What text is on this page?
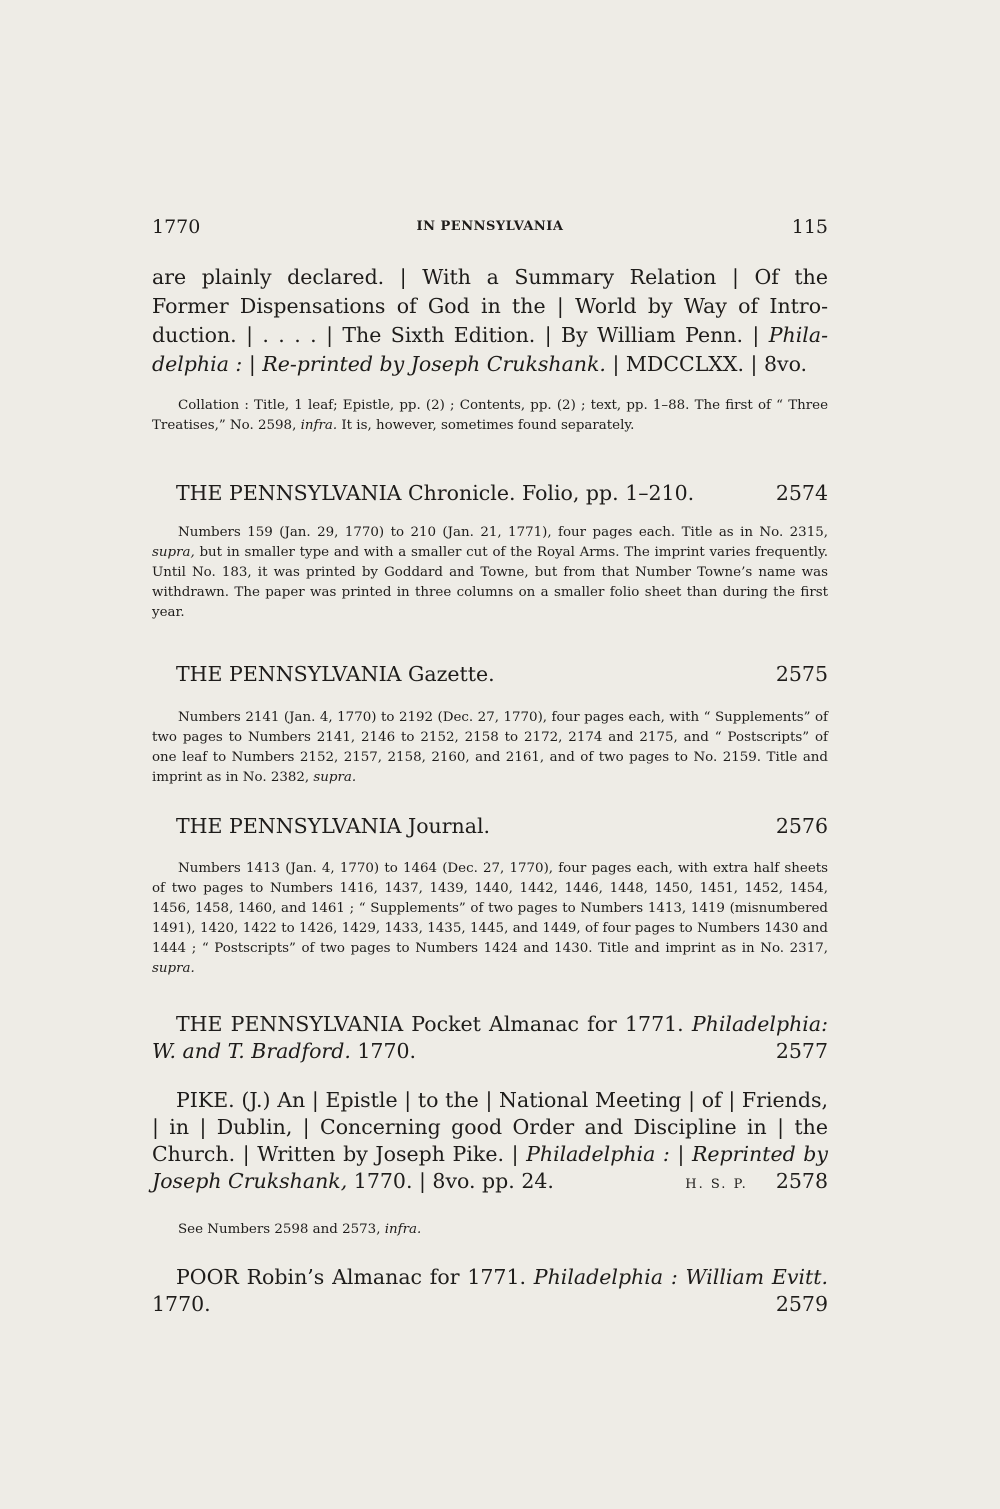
1770	IN PENNSYLVANIA	115
are plainly declared. | With a Summary Relation | Of the
Former Dispensations of God in the | World by Way of Intro-
duction. | . . . . | The Sixth Edition. | By William Penn. | Phila-
delphia : | Re-printed by Joseph Crukshank. | MDCCLXX. | 8vo.
Collation : Title, 1 leaf; Epistle, pp. (2) ; Contents, pp. (2) ; text, pp. 1–88. The first of “ Three Treatises,” No. 2598, infra. It is, however, sometimes found separately.
THE PENNSYLVANIA Chronicle. Folio, pp. 1–210.	2574
Numbers 159 (Jan. 29, 1770) to 210 (Jan. 21, 1771), four pages each. Title as in No. 2315, supra, but in smaller type and with a smaller cut of the Royal Arms. The imprint varies frequently. Until No. 183, it was printed by Goddard and Towne, but from that Number Towne’s name was withdrawn. The paper was printed in three columns on a smaller folio sheet than during the first year.
THE PENNSYLVANIA Gazette.	2575
Numbers 2141 (Jan. 4, 1770) to 2192 (Dec. 27, 1770), four pages each, with “ Supplements” of two pages to Numbers 2141, 2146 to 2152, 2158 to 2172, 2174 and 2175, and “ Postscripts” of one leaf to Numbers 2152, 2157, 2158, 2160, and 2161, and of two pages to No. 2159. Title and imprint as in No. 2382, supra.
THE PENNSYLVANIA Journal.	2576
Numbers 1413 (Jan. 4, 1770) to 1464 (Dec. 27, 1770), four pages each, with extra half sheets of two pages to Numbers 1416, 1437, 1439, 1440, 1442, 1446, 1448, 1450, 1451, 1452, 1454, 1456, 1458, 1460, and 1461 ; “ Supplements” of two pages to Numbers 1413, 1419 (misnumbered 1491), 1420, 1422 to 1426, 1429, 1433, 1435, 1445, and 1449, of four pages to Numbers 1430 and 1444 ; “ Postscripts” of two pages to Numbers 1424 and 1430. Title and imprint as in No. 2317, supra.
THE PENNSYLVANIA Pocket Almanac for 1771. Philadelphia: W. and T. Bradford. 1770.	2577
PIKE. (J.) An | Epistle | to the | National Meeting | of | Friends, | in | Dublin, | Concerning good Order and Discipline in | the Church. | Written by Joseph Pike. | Philadelphia : | Reprinted by Joseph Crukshank, 1770. | 8vo. pp. 24.	H. S. P. 2578
See Numbers 2598 and 2573, infra.
POOR Robin’s Almanac for 1771. Philadelphia : William Evitt. 1770.	2579
